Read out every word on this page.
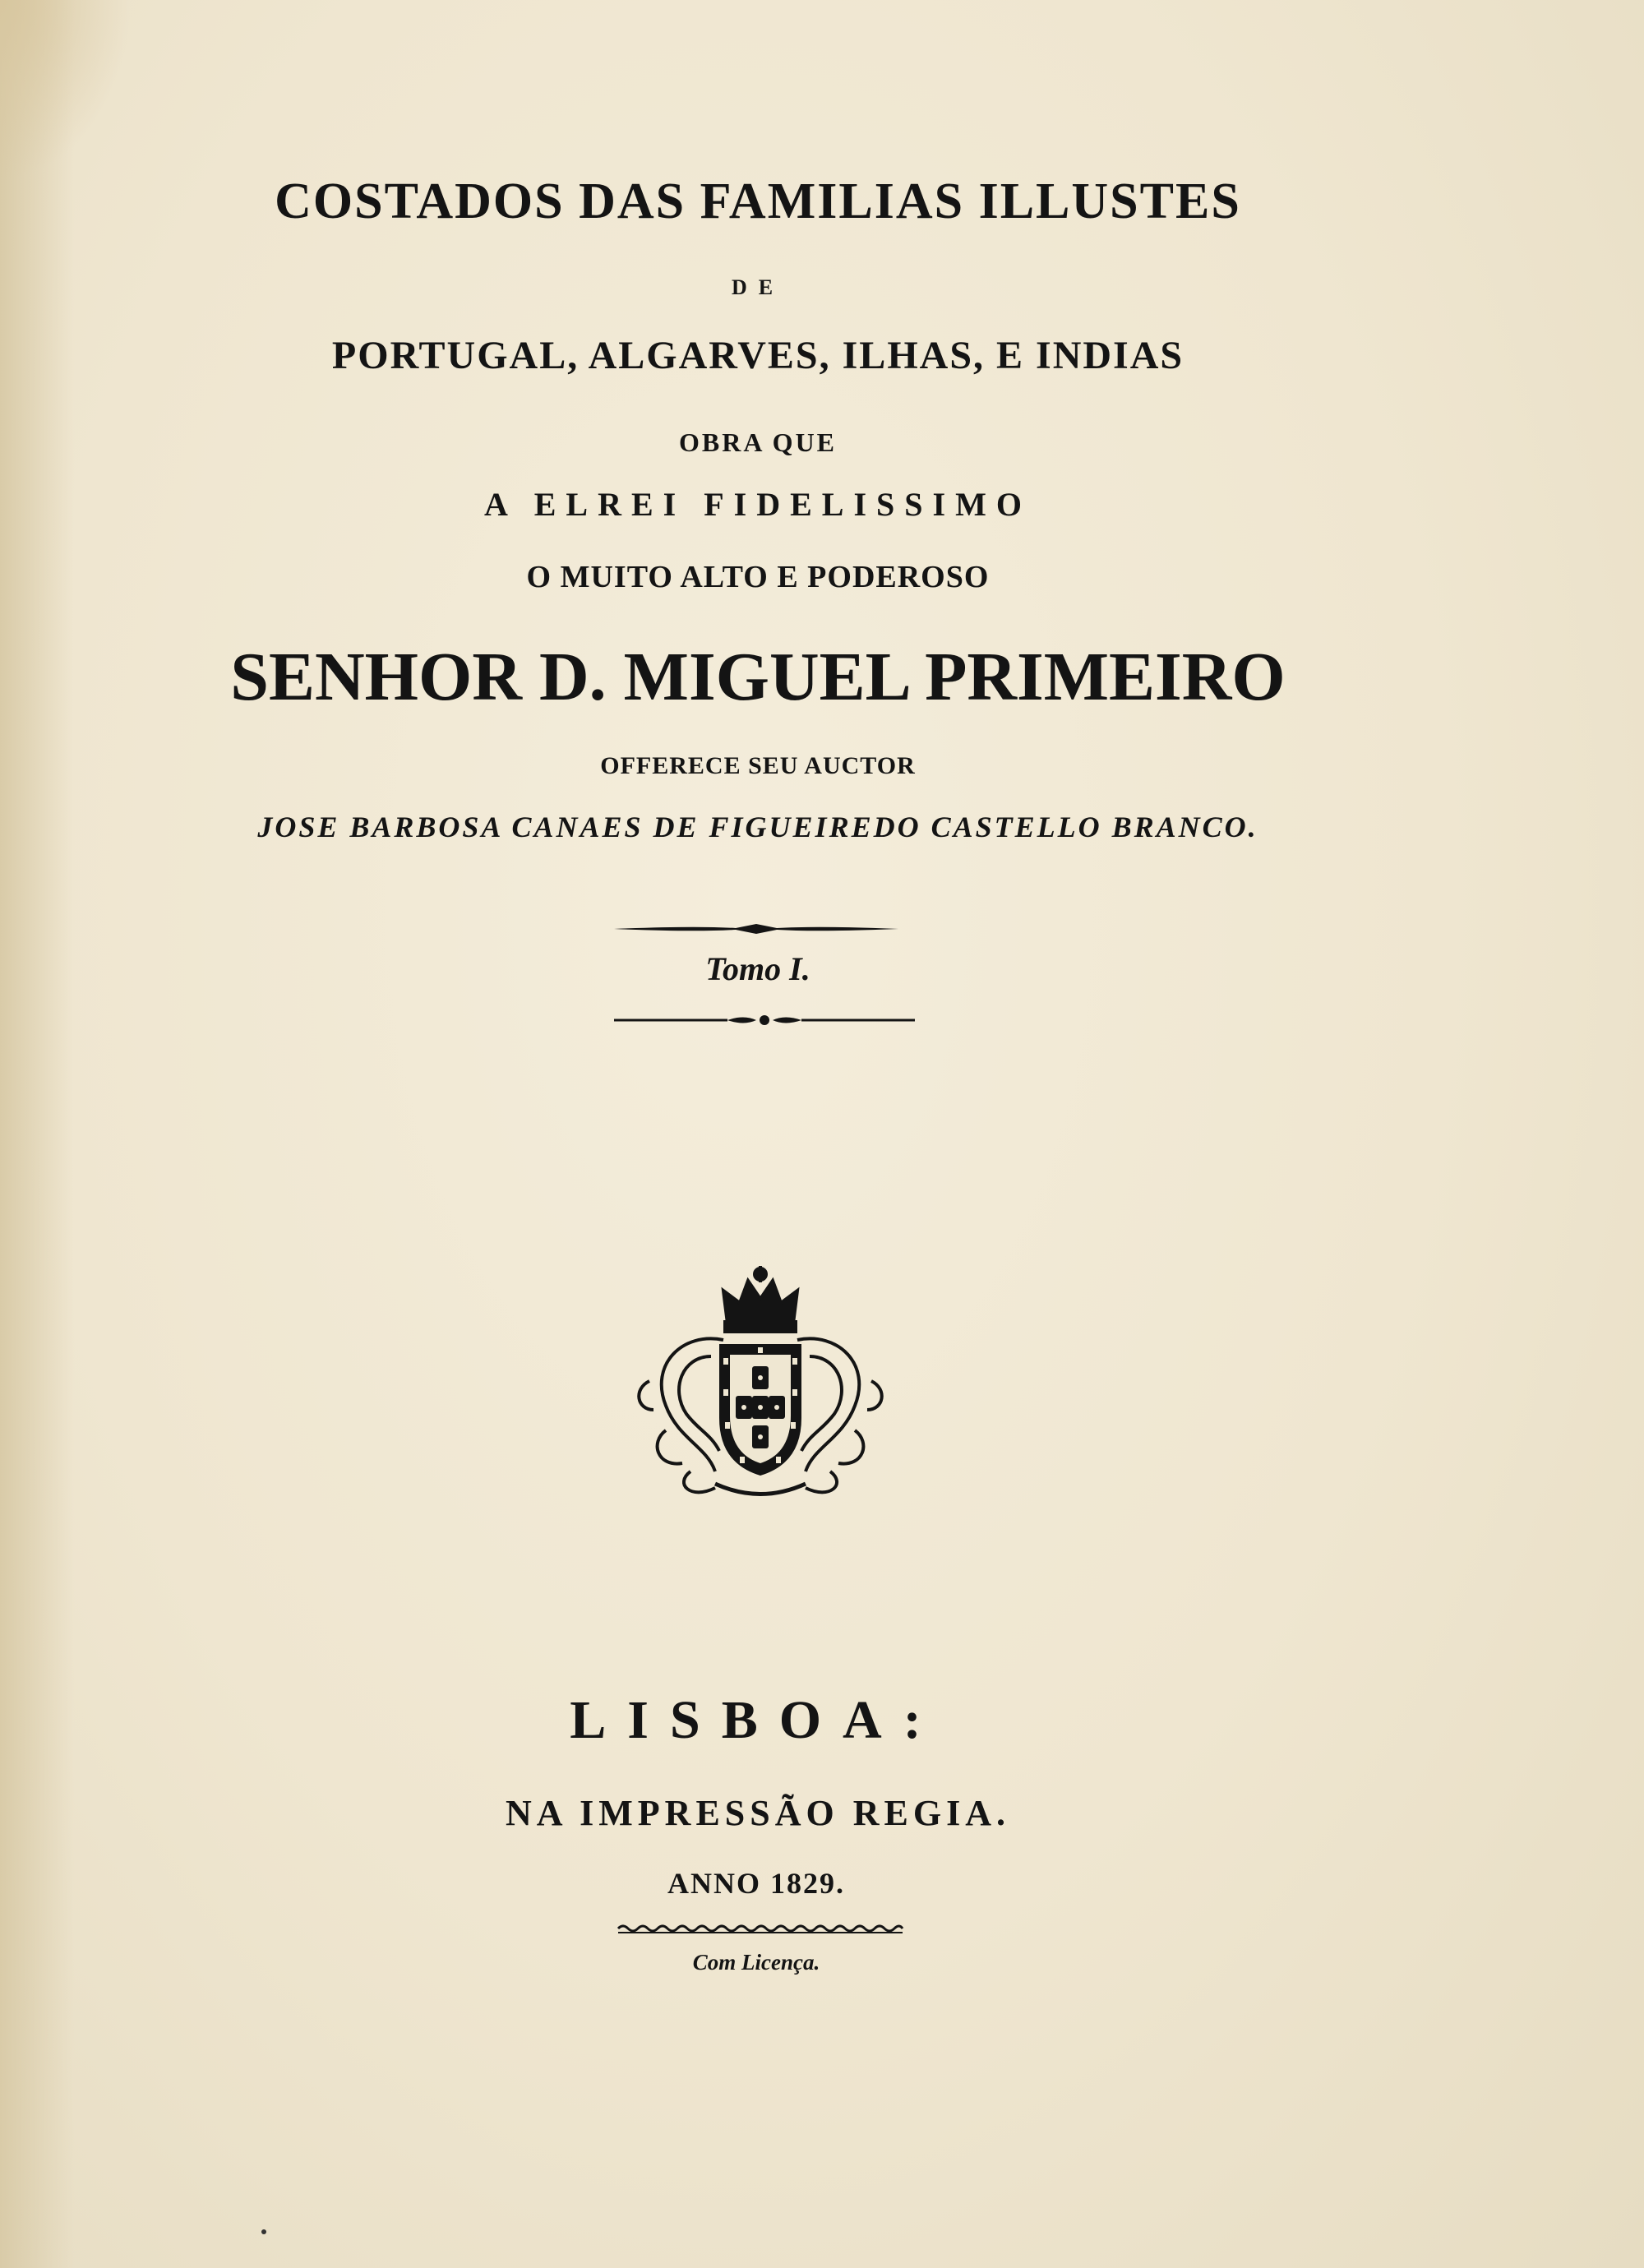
COSTADOS DAS FAMILIAS ILLUSTES

DE

PORTUGAL, ALGARVES, ILHAS, E INDIAS

OBRA QUE

A ELREI FIDELISSIMO

O MUITO ALTO E PODEROSO

SENHOR D. MIGUEL PRIMEIRO

OFFERECE SEU AUCTOR

JOSE BARBOSA CANAES DE FIGUEIREDO CASTELLO BRANCO.

Tomo I.

LISBOA:

NA IMPRESSÃO REGIA.

ANNO 1829.

Com Licença.
